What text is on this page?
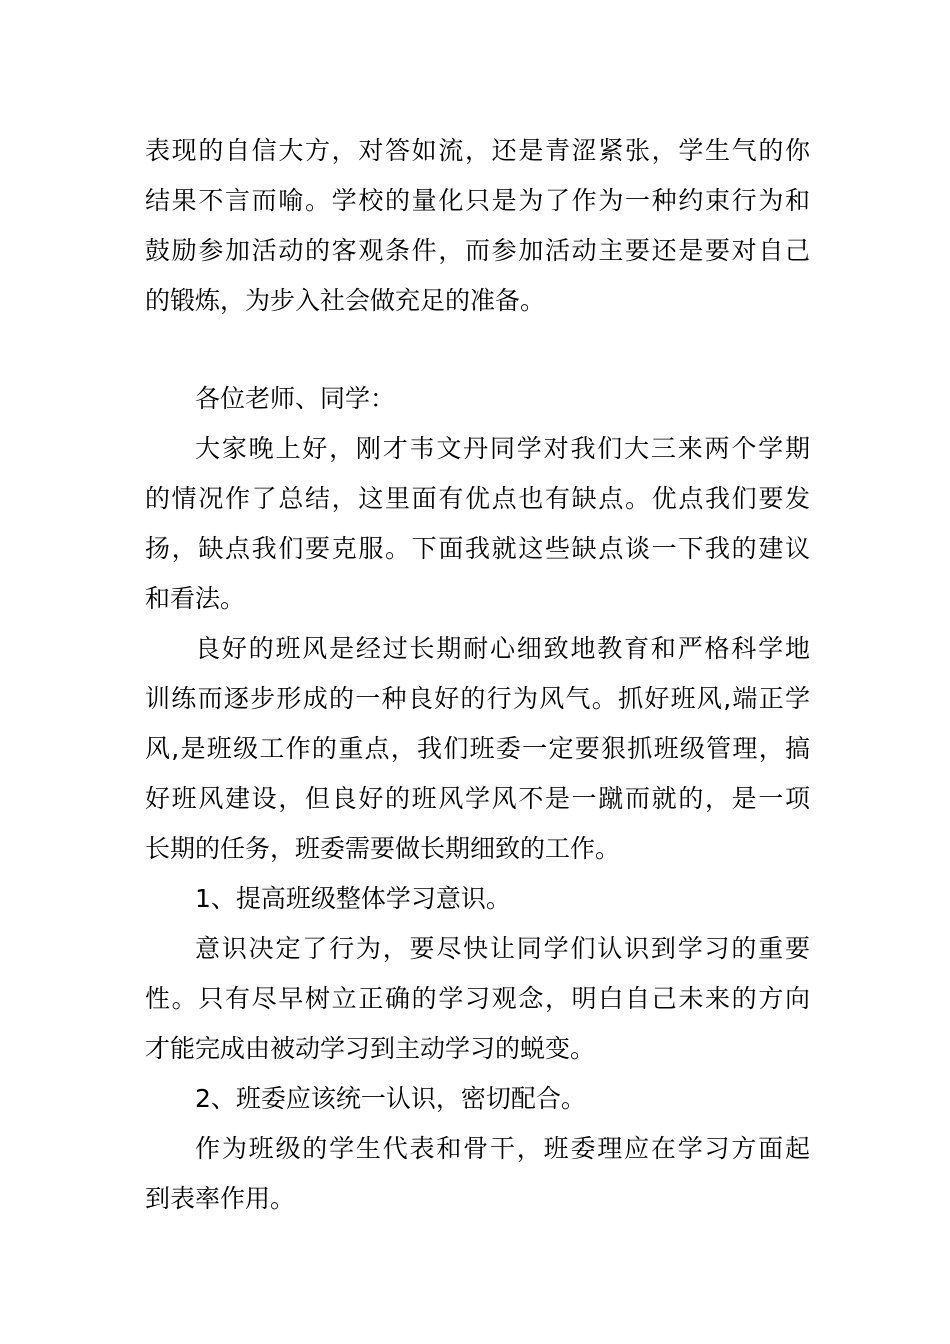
表现的自信大方，对答如流，还是青涩紧张，学生气的你
结果不言而喻。学校的量化只是为了作为一种约束行为和
鼓励参加活动的客观条件，而参加活动主要还是要对自己
的锻炼，为步入社会做充足的准备。
各位老师、同学：
大家晚上好，刚才韦文丹同学对我们大三来两个学期
的情况作了总结，这里面有优点也有缺点。优点我们要发
扬，缺点我们要克服。下面我就这些缺点谈一下我的建议
和看法。
良好的班风是经过长期耐心细致地教育和严格科学地
训练而逐步形成的一种良好的行为风气。抓好班风,端正学
风,是班级工作的重点，我们班委一定要狠抓班级管理，搞
好班风建设，但良好的班风学风不是一蹴而就的，是一项
长期的任务，班委需要做长期细致的工作。
1、提高班级整体学习意识。
意识决定了行为，要尽快让同学们认识到学习的重要
性。只有尽早树立正确的学习观念，明白自己未来的方向
才能完成由被动学习到主动学习的蜕变。
2、班委应该统一认识，密切配合。
作为班级的学生代表和骨干，班委理应在学习方面起
到表率作用。
